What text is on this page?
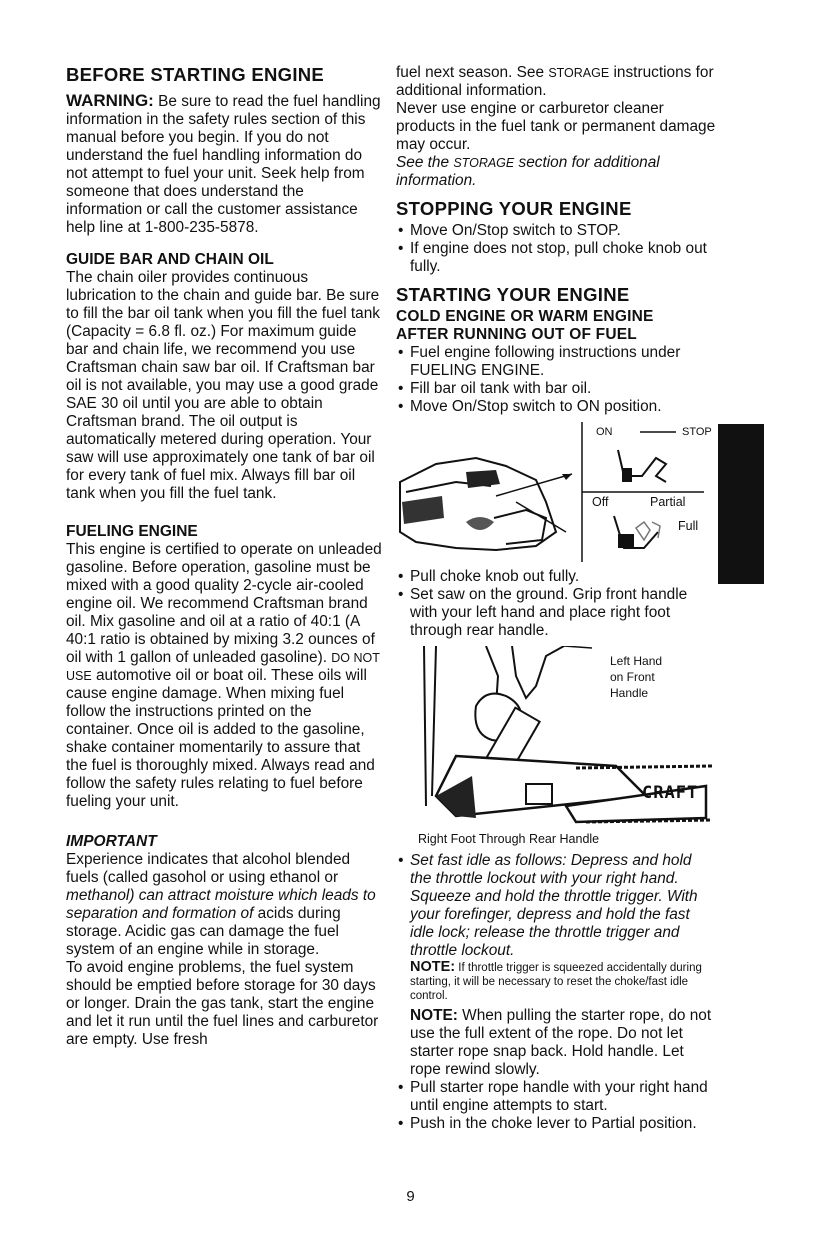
BEFORE STARTING ENGINE

WARNING: Be sure to read the fuel handling information in the safety rules section of this manual before you begin. If you do not understand the fuel handling information do not attempt to fuel your unit. Seek help from someone that does understand the information or call the customer assistance help line at 1-800-235-5878.

GUIDE BAR AND CHAIN OIL

The chain oiler provides continuous lubrication to the chain and guide bar. Be sure to fill the bar oil tank when you fill the fuel tank (Capacity = 6.8 fl. oz.) For maximum guide bar and chain life, we recommend you use Craftsman chain saw bar oil. If Craftsman bar oil is not available, you may use a good grade SAE 30 oil until you are able to obtain Craftsman brand. The oil output is automatically metered during operation. Your saw will use approximately one tank of bar oil for every tank of fuel mix. Always fill bar oil tank when you fill the fuel tank.

FUELING ENGINE

This engine is certified to operate on unleaded gasoline. Before operation, gasoline must be mixed with a good quality 2-cycle air-cooled engine oil. We recommend Craftsman brand oil. Mix gasoline and oil at a ratio of 40:1 (A 40:1 ratio is obtained by mixing 3.2 ounces of oil with 1 gallon of unleaded gasoline). DO NOT USE automotive oil or boat oil. These oils will cause engine damage. When mixing fuel follow the instructions printed on the container. Once oil is added to the gasoline, shake container momentarily to assure that the fuel is thoroughly mixed. Always read and follow the safety rules relating to fuel before fueling your unit.

IMPORTANT

Experience indicates that alcohol blended fuels (called gasohol or using ethanol or methanol) can attract moisture which leads to separation and formation of acids during storage. Acidic gas can damage the fuel system of an engine while in storage.

To avoid engine problems, the fuel system should be emptied before storage for 30 days or longer. Drain the gas tank, start the engine and let it run until the fuel lines and carburetor are empty. Use fresh

fuel next season. See STORAGE instructions for additional information.

Never use engine or carburetor cleaner products in the fuel tank or permanent damage may occur.

See the STORAGE section for additional information.

STOPPING YOUR ENGINE
• Move On/Stop switch to STOP.
• If engine does not stop, pull choke knob out fully.
STARTING YOUR ENGINE
COLD ENGINE OR WARM ENGINE
AFTER RUNNING OUT OF FUEL
• Fuel engine following instructions under FUELING ENGINE.
• Fill bar oil tank with bar oil.
• Move On/Stop switch to ON position.
ON	STOP
Off	Partial
Full
• Pull choke knob out fully.
• Set saw on the ground. Grip front handle with your left hand and place right foot through rear handle.
Left Hand
on Front
Handle
CRAFT
Right Foot Through Rear Handle
• Set fast idle as follows: Depress and hold the throttle lockout with your right hand. Squeeze and hold the throttle trigger. With your forefinger, depress and hold the fast idle lock; release the throttle trigger and throttle lockout.

NOTE: If throttle trigger is squeezed accidentally during starting, it will be necessary to reset the choke/fast idle control.

NOTE: When pulling the starter rope, do not use the full extent of the rope. Do not let starter rope snap back. Hold handle. Let rope rewind slowly.

• Pull starter rope handle with your right hand until engine attempts to start.
• Push in the choke lever to Partial position.
9
